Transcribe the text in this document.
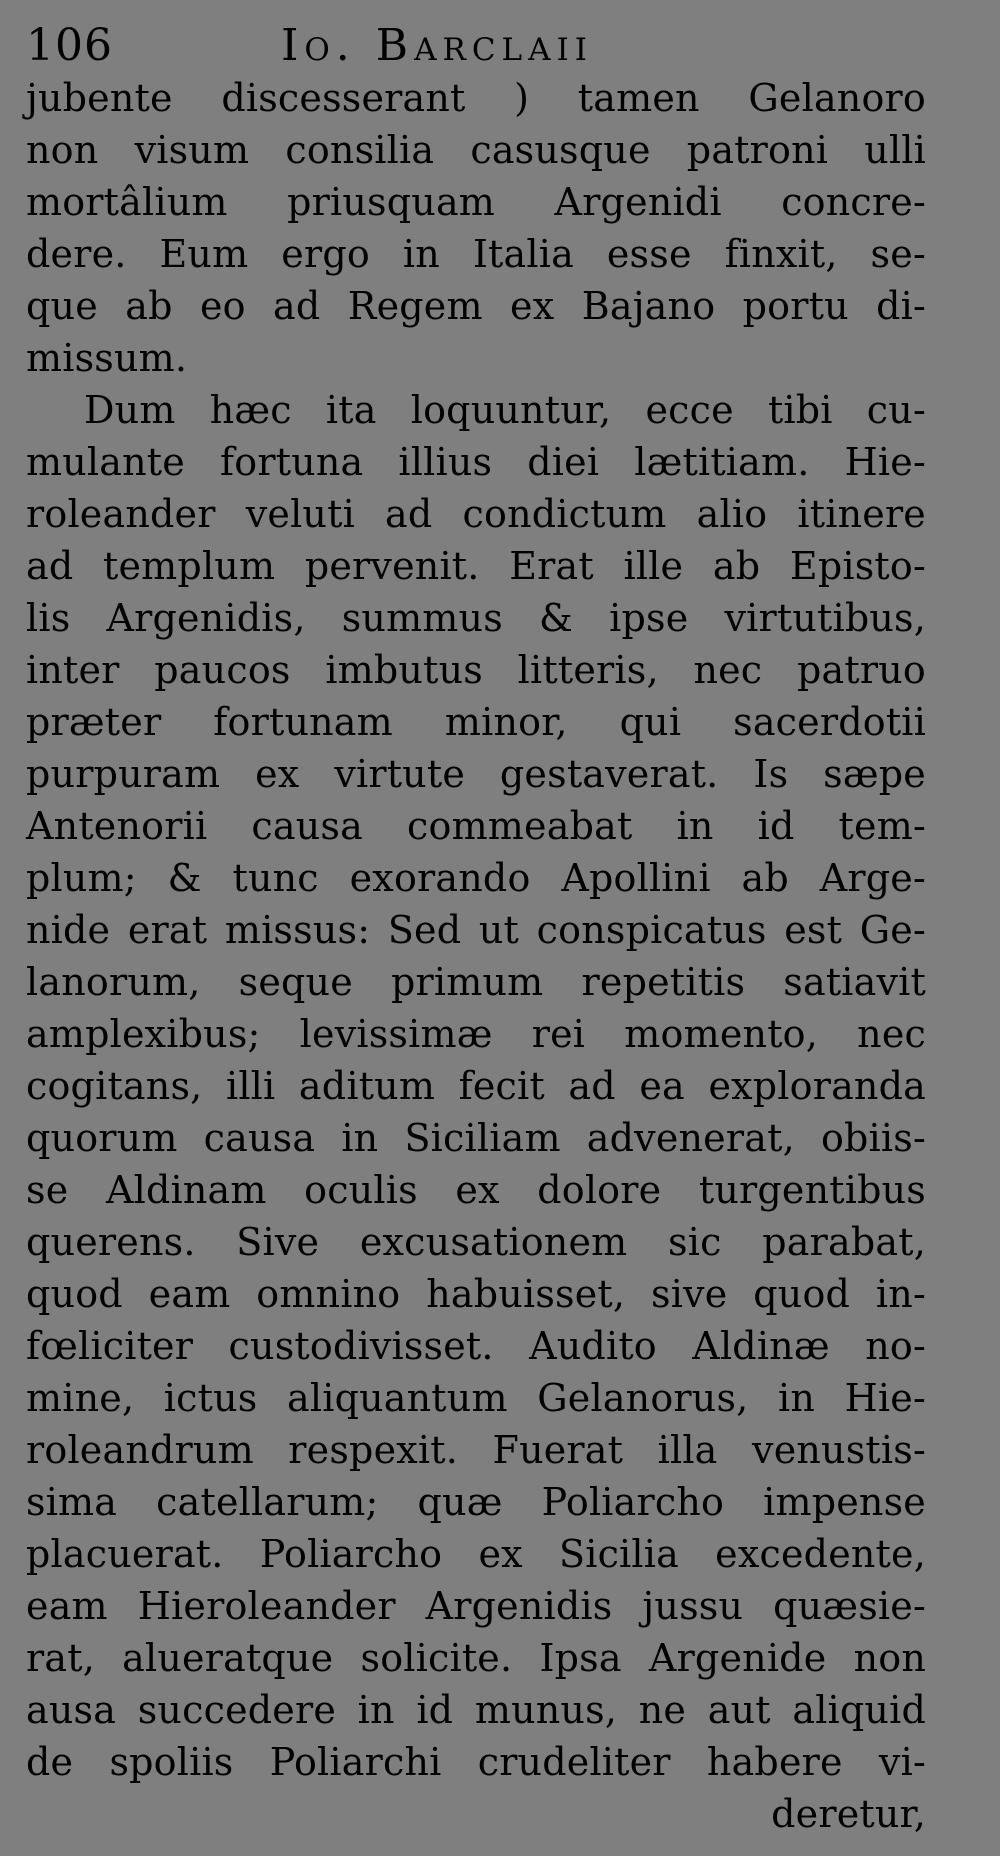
106	Io. Barclaii
jubente discesserant ) tamen Gelanoro
non visum consilia casusque patroni ulli
mortâlium priusquam Argenidi concre-
dere. Eum ergo in Italia esse finxit, se-
que ab eo ad Regem ex Bajano portu di-
missum.
Dum hæc ita loquuntur, ecce tibi cu-
mulante fortuna illius diei lætitiam. Hie-
roleander veluti ad condictum alio itinere
ad templum pervenit. Erat ille ab Episto-
lis Argenidis, summus & ipse virtutibus,
inter paucos imbutus litteris, nec patruo
præter fortunam minor, qui sacerdotii
purpuram ex virtute gestaverat. Is sæpe
Antenorii causa commeabat in id tem-
plum; & tunc exorando Apollini ab Arge-
nide erat missus: Sed ut conspicatus est Ge-
lanorum, seque primum repetitis satiavit
amplexibus; levissimæ rei momento, nec
cogitans, illi aditum fecit ad ea exploranda
quorum causa in Siciliam advenerat, obiis-
se Aldinam oculis ex dolore turgentibus
querens. Sive excusationem sic parabat,
quod eam omnino habuisset, sive quod in-
fœliciter custodivisset. Audito Aldinæ no-
mine, ictus aliquantum Gelanorus, in Hie-
roleandrum respexit. Fuerat illa venustis-
sima catellarum; quæ Poliarcho impense
placuerat. Poliarcho ex Sicilia excedente,
eam Hieroleander Argenidis jussu quæsie-
rat, alueratque solicite. Ipsa Argenide non
ausa succedere in id munus, ne aut aliquid
de spoliis Poliarchi crudeliter habere vi-
deretur,
